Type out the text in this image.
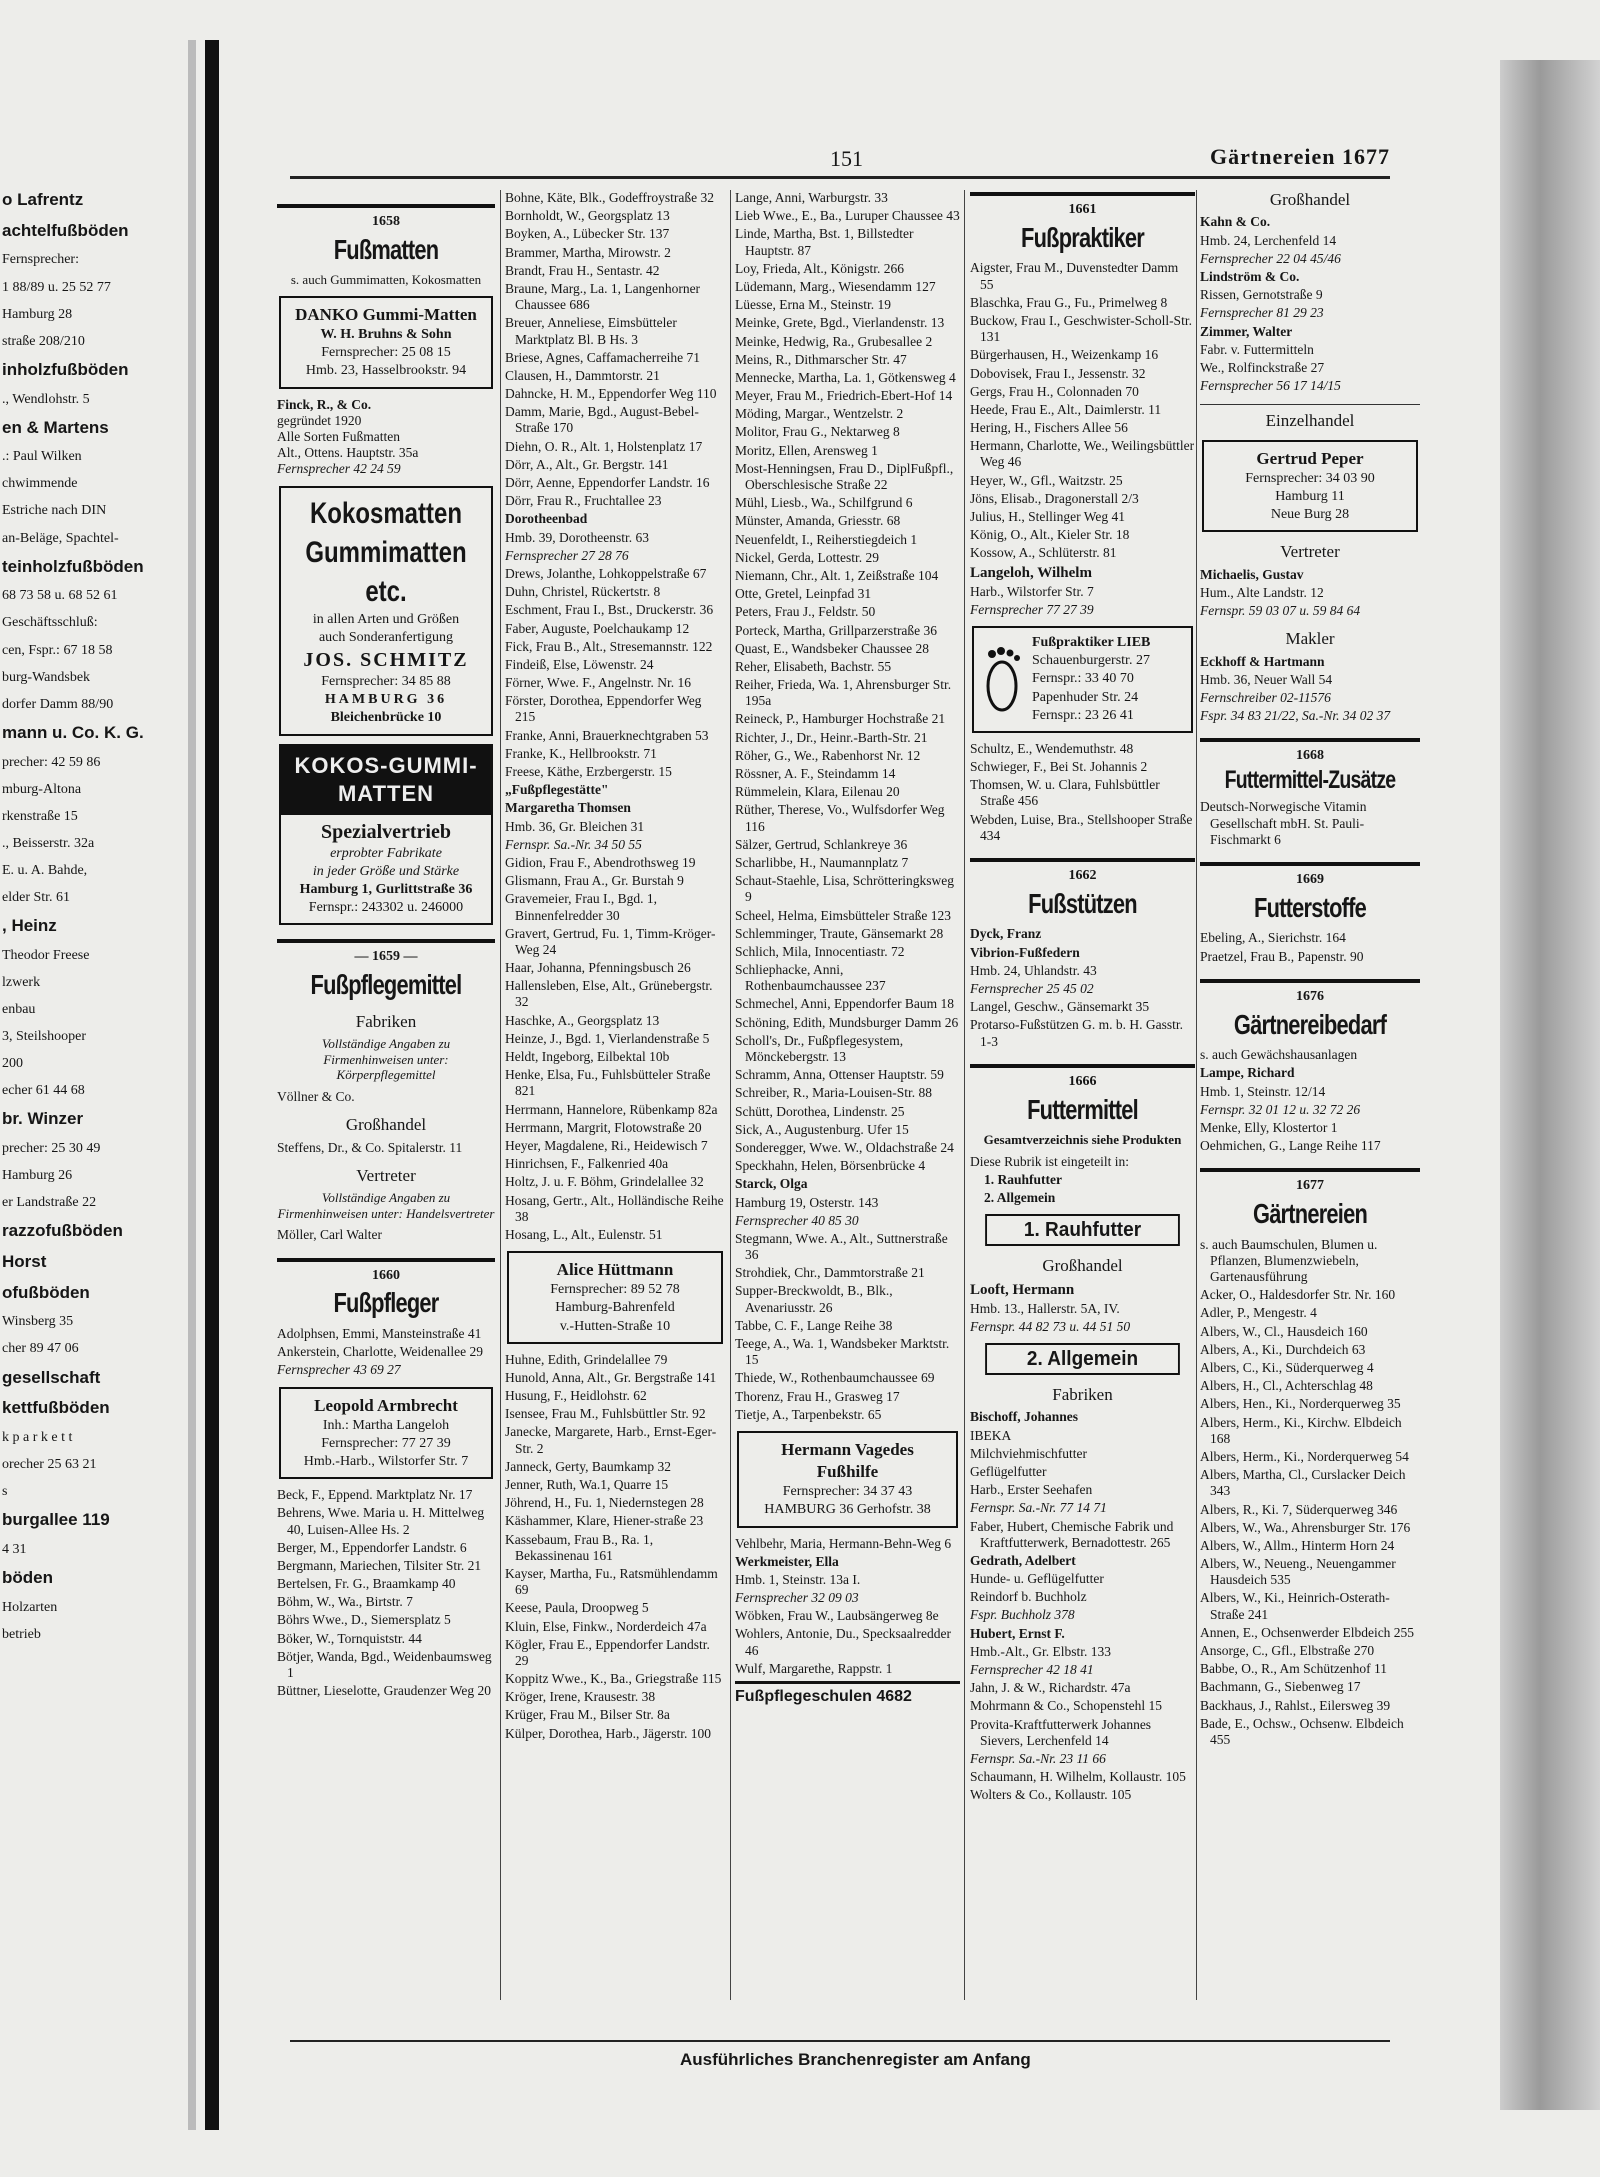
o Lafrentz
achtelfußböden
Fernsprecher:
1 88/89 u. 25 52 77
Hamburg 28
straße 208/210
inholzfußböden
., Wendlohstr. 5
en & Martens
.: Paul Wilken
chwimmende
Estriche nach DIN
an-Beläge, Spachtel-
teinholzfußböden
68 73 58 u. 68 52 61
Geschäftsschluß:
cen, Fspr.: 67 18 58
burg-Wandsbek
dorfer Damm 88/90
mann u. Co. K. G.
precher: 42 59 86
mburg-Altona
rkenstraße 15
., Beisserstr. 32a
E. u. A. Bahde,
elder Str. 61
, Heinz
Theodor Freese
lzwerk
enbau
3, Steilshooper
200
echer 61 44 68
br. Winzer
precher: 25 30 49
Hamburg 26
er Landstraße 22
razzofußböden
Horst
ofußböden
Winsberg 35
cher 89 47 06
gesellschaft
kettfußböden
k p a r k e t t
orecher 25 63 21
s
burgallee 119
4 31
böden
Holzarten
betrieb
151	Gärtnereien 1677
1658
Fußmatten
s. auch Gummimatten, Kokosmatten
DANKO Gummi-Matten
W. H. Bruhns & Sohn
Fernsprecher: 25 08 15
Hmb. 23, Hasselbrookstr. 94
Finck, R., & Co.
gegründet 1920
Alle Sorten Fußmatten
Alt., Ottens. Hauptstr. 35a
Fernsprecher 42 24 59
Kokosmatten
Gummimatten etc.
in allen Arten und Größen
auch Sonderanfertigung
JOS. SCHMITZ
Fernsprecher: 34 85 88
HAMBURG 36
Bleichenbrücke 10
KOKOS-GUMMI-MATTEN
Spezialvertrieb
erprobter Fabrikate
in jeder Größe und Stärke
Hamburg 1, Gurlittstraße 36
Fernspr.: 243302 u. 246000
— 1659 —
Fußpflegemittel
Fabriken
Vollständige Angaben zu Firmenhinweisen unter: Körperpflegemittel
Völlner & Co.
Großhandel
Steffens, Dr., & Co. Spitalerstr. 11
Vertreter
Vollständige Angaben zu Firmenhinweisen unter: Handelsvertreter
Möller, Carl Walter
1660
Fußpfleger
Adolphsen, Emmi, Mansteinstraße 41
Ankerstein, Charlotte, Weidenallee 29
Fernsprecher 43 69 27
Leopold Armbrecht
Inh.: Martha Langeloh
Fernsprecher: 77 27 39
Hmb.-Harb., Wilstorfer Str. 7
Beck, F., Eppend. Marktplatz Nr. 17
Behrens, Wwe. Maria u. H. Mittelweg 40, Luisen-Allee Hs. 2
Berger, M., Eppendorfer Landstr. 6
Bergmann, Mariechen, Tilsiter Str. 21
Bertelsen, Fr. G., Braamkamp 40
Böhm, W., Wa., Birtstr. 7
Böhrs Wwe., D., Siemersplatz 5
Böker, W., Tornquiststr. 44
Bötjer, Wanda, Bgd., Weidenbaumsweg 1
Büttner, Lieselotte, Graudenzer Weg 20
Bohne, Käte, Blk., Godeffroystraße 32
Bornholdt, W., Georgsplatz 13
Boyken, A., Lübecker Str. 137
Brammer, Martha, Mirowstr. 2
Brandt, Frau H., Sentastr. 42
Braune, Marg., La. 1, Langenhorner Chaussee 686
Breuer, Anneliese, Eimsbütteler Marktplatz Bl. B Hs. 3
Briese, Agnes, Caffamacherreihe 71
Clausen, H., Dammtorstr. 21
Dahncke, H. M., Eppendorfer Weg 110
Damm, Marie, Bgd., August-Bebel-Straße 170
Diehn, O. R., Alt. 1, Holstenplatz 17
Dörr, A., Alt., Gr. Bergstr. 141
Dörr, Aenne, Eppendorfer Landstr. 16
Dörr, Frau R., Fruchtallee 23
Dorotheenbad
Hmb. 39, Dorotheenstr. 63
Fernsprecher 27 28 76
Drews, Jolanthe, Lohkoppelstraße 67
Duhn, Christel, Rückertstr. 8
Eschment, Frau I., Bst., Druckerstr. 36
Faber, Auguste, Poelchaukamp 12
Fick, Frau B., Alt., Stresemannstr. 122
Findeiß, Else, Löwenstr. 24
Förner, Wwe. F., Angelnstr. Nr. 16
Förster, Dorothea, Eppendorfer Weg 215
Franke, Anni, Brauerknechtgraben 53
Franke, K., Hellbrookstr. 71
Freese, Käthe, Erzbergerstr. 15
„Fußpflegestätte"
Margaretha Thomsen
Hmb. 36, Gr. Bleichen 31
Fernspr. Sa.-Nr. 34 50 55
Gidion, Frau F., Abendrothsweg 19
Glismann, Frau A., Gr. Burstah 9
Gravemeier, Frau I., Bgd. 1, Binnenfelredder 30
Gravert, Gertrud, Fu. 1, Timm-Kröger-Weg 24
Haar, Johanna, Pfenningsbusch 26
Hallensleben, Else, Alt., Grünebergstr. 32
Haschke, A., Georgsplatz 13
Heinze, J., Bgd. 1, Vierlandenstraße 5
Heldt, Ingeborg, Eilbektal 10b
Henke, Elsa, Fu., Fuhlsbütteler Straße 821
Herrmann, Hannelore, Rübenkamp 82a
Herrmann, Margrit, Flotowstraße 20
Heyer, Magdalene, Ri., Heidewisch 7
Hinrichsen, F., Falkenried 40a
Holtz, J. u. F. Böhm, Grindelallee 32
Hosang, Gertr., Alt., Holländische Reihe 38
Hosang, L., Alt., Eulenstr. 51
Alice Hüttmann
Fernsprecher: 89 52 78
Hamburg-Bahrenfeld
v.-Hutten-Straße 10
Huhne, Edith, Grindelallee 79
Hunold, Anna, Alt., Gr. Bergstraße 141
Husung, F., Heidlohstr. 62
Isensee, Frau M., Fuhlsbüttler Str. 92
Janecke, Margarete, Harb., Ernst-Eger-Str. 2
Janneck, Gerty, Baumkamp 32
Jenner, Ruth, Wa.1, Quarre 15
Jöhrend, H., Fu. 1, Niedernstegen 28
Käshammer, Klare, Hiener-straße 23
Kassebaum, Frau B., Ra. 1, Bekassinenau 161
Kayser, Martha, Fu., Ratsmühlendamm 69
Keese, Paula, Droopweg 5
Kluin, Else, Finkw., Norderdeich 47a
Kögler, Frau E., Eppendorfer Landstr. 29
Koppitz Wwe., K., Ba., Griegstraße 115
Kröger, Irene, Krausestr. 38
Krüger, Frau M., Bilser Str. 8a
Külper, Dorothea, Harb., Jägerstr. 100
Lange, Anni, Warburgstr. 33
Lieb Wwe., E., Ba., Luruper Chaussee 43
Linde, Martha, Bst. 1, Billstedter Hauptstr. 87
Loy, Frieda, Alt., Königstr. 266
Lüdemann, Marg., Wiesendamm 127
Lüesse, Erna M., Steinstr. 19
Meinke, Grete, Bgd., Vierlandenstr. 13
Meinke, Hedwig, Ra., Grubesallee 2
Meins, R., Dithmarscher Str. 47
Mennecke, Martha, La. 1, Götkensweg 4
Meyer, Frau M., Friedrich-Ebert-Hof 14
Möding, Margar., Wentzelstr. 2
Molitor, Frau G., Nektarweg 8
Moritz, Ellen, Arensweg 1
Most-Henningsen, Frau D., DiplFußpfl., Oberschlesische Straße 22
Mühl, Liesb., Wa., Schilfgrund 6
Münster, Amanda, Griesstr. 68
Neuenfeldt, I., Reiherstiegdeich 1
Nickel, Gerda, Lottestr. 29
Niemann, Chr., Alt. 1, Zeißstraße 104
Otte, Gretel, Leinpfad 31
Peters, Frau J., Feldstr. 50
Porteck, Martha, Grillparzerstraße 36
Quast, E., Wandsbeker Chaussee 28
Reher, Elisabeth, Bachstr. 55
Reiher, Frieda, Wa. 1, Ahrensburger Str. 195a
Reineck, P., Hamburger Hochstraße 21
Richter, J., Dr., Heinr.-Barth-Str. 21
Röher, G., We., Rabenhorst Nr. 12
Rössner, A. F., Steindamm 14
Rümmelein, Klara, Eilenau 20
Rüther, Therese, Vo., Wulfsdorfer Weg 116
Sälzer, Gertrud, Schlankreye 36
Scharlibbe, H., Naumannplatz 7
Schaut-Staehle, Lisa, Schrötteringksweg 9
Scheel, Helma, Eimsbütteler Straße 123
Schlemminger, Traute, Gänsemarkt 28
Schlich, Mila, Innocentiastr. 72
Schliephacke, Anni, Rothenbaumchaussee 237
Schmechel, Anni, Eppendorfer Baum 18
Schöning, Edith, Mundsburger Damm 26
Scholl's, Dr., Fußpflegesystem, Mönckebergstr. 13
Schramm, Anna, Ottenser Hauptstr. 59
Schreiber, R., Maria-Louisen-Str. 88
Schütt, Dorothea, Lindenstr. 25
Sick, A., Augustenburg. Ufer 15
Sonderegger, Wwe. W., Oldachstraße 24
Speckhahn, Helen, Börsenbrücke 4
Starck, Olga
Hamburg 19, Osterstr. 143
Fernsprecher 40 85 30
Stegmann, Wwe. A., Alt., Suttnerstraße 36
Strohdiek, Chr., Dammtorstraße 21
Supper-Breckwoldt, B., Blk., Avenariusstr. 26
Tabbe, C. F., Lange Reihe 38
Teege, A., Wa. 1, Wandsbeker Marktstr. 15
Thiede, W., Rothenbaumchaussee 69
Thorenz, Frau H., Grasweg 17
Tietje, A., Tarpenbekstr. 65
Hermann Vagedes
Fußhilfe
Fernsprecher: 34 37 43
HAMBURG 36 Gerhofstr. 38
Vehlbehr, Maria, Hermann-Behn-Weg 6
Werkmeister, Ella
Hmb. 1, Steinstr. 13a I.
Fernsprecher 32 09 03
Wöbken, Frau W., Laubsängerweg 8e
Wohlers, Antonie, Du., Specksaalredder 46
Wulf, Margarethe, Rappstr. 1
Fußpflegeschulen 4682
1661
Fußpraktiker
Aigster, Frau M., Duvenstedter Damm 55
Blaschka, Frau G., Fu., Primelweg 8
Buckow, Frau I., Geschwister-Scholl-Str. 131
Bürgerhausen, H., Weizenkamp 16
Dobovisek, Frau I., Jessenstr. 32
Gergs, Frau H., Colonnaden 70
Heede, Frau E., Alt., Daimlerstr. 11
Hering, H., Fischers Allee 56
Hermann, Charlotte, We., Weilingsbüttler Weg 46
Heyer, W., Gfl., Waitzstr. 25
Jöns, Elisab., Dragonerstall 2/3
Julius, H., Stellinger Weg 41
König, O., Alt., Kieler Str. 18
Kossow, A., Schlüterstr. 81
Langeloh, Wilhelm
Harb., Wilstorfer Str. 7
Fernsprecher 77 27 39
Fußpraktiker LIEB
Schauenburgerstr. 27
Fernspr.: 33 40 70
Papenhuder Str. 24
Fernspr.: 23 26 41
Schultz, E., Wendemuthstr. 48
Schwieger, F., Bei St. Johannis 2
Thomsen, W. u. Clara, Fuhlsbüttler Straße 456
Webden, Luise, Bra., Stellshooper Straße 434
1662
Fußstützen
Dyck, Franz
Vibrion-Fußfedern
Hmb. 24, Uhlandstr. 43
Fernsprecher 25 45 02
Langel, Geschw., Gänsemarkt 35
Protarso-Fußstützen G. m. b. H. Gasstr. 1-3
1666
Futtermittel
Gesamtverzeichnis siehe Produkten
Diese Rubrik ist eingeteilt in:
1. Rauhfutter
2. Allgemein
1. Rauhfutter
Großhandel
Looft, Hermann
Hmb. 13., Hallerstr. 5A, IV.
Fernspr. 44 82 73 u. 44 51 50
2. Allgemein
Fabriken
Bischoff, Johannes
IBEKA
Milchviehmischfutter
Geflügelfutter
Harb., Erster Seehafen
Fernspr. Sa.-Nr. 77 14 71
Faber, Hubert, Chemische Fabrik und Kraftfutterwerk, Bernadottestr. 265
Gedrath, Adelbert
Hunde- u. Geflügelfutter
Reindorf b. Buchholz
Fspr. Buchholz 378
Hubert, Ernst F.
Hmb.-Alt., Gr. Elbstr. 133
Fernsprecher 42 18 41
Jahn, J. & W., Richardstr. 47a
Mohrmann & Co., Schopenstehl 15
Provita-Kraftfutterwerk Johannes Sievers, Lerchenfeld 14
Fernspr. Sa.-Nr. 23 11 66
Schaumann, H. Wilhelm, Kollaustr. 105
Wolters & Co., Kollaustr. 105
Großhandel
Kahn & Co.
Hmb. 24, Lerchenfeld 14
Fernsprecher 22 04 45/46
Lindström & Co.
Rissen, Gernotstraße 9
Fernsprecher 81 29 23
Zimmer, Walter
Fabr. v. Futtermitteln
We., Rolfinckstraße 27
Fernsprecher 56 17 14/15
Einzelhandel
Gertrud Peper
Fernsprecher: 34 03 90
Hamburg 11
Neue Burg 28
Vertreter
Michaelis, Gustav
Hum., Alte Landstr. 12
Fernspr. 59 03 07 u. 59 84 64
Makler
Eckhoff & Hartmann
Hmb. 36, Neuer Wall 54
Fernschreiber 02-11576
Fspr. 34 83 21/22, Sa.-Nr. 34 02 37
1668
Futtermittel-Zusätze
Deutsch-Norwegische Vitamin Gesellschaft mbH. St. Pauli-Fischmarkt 6
1669
Futterstoffe
Ebeling, A., Sierichstr. 164
Praetzel, Frau B., Papenstr. 90
1676
Gärtnereibedarf
s. auch Gewächshausanlagen
Lampe, Richard
Hmb. 1, Steinstr. 12/14
Fernspr. 32 01 12 u. 32 72 26
Menke, Elly, Klostertor 1
Oehmichen, G., Lange Reihe 117
1677
Gärtnereien
s. auch Baumschulen, Blumen u. Pflanzen, Blumenzwiebeln, Gartenausführung
Acker, O., Haldesdorfer Str. Nr. 160
Adler, P., Mengestr. 4
Albers, W., Cl., Hausdeich 160
Albers, A., Ki., Durchdeich 63
Albers, C., Ki., Süderquerweg 4
Albers, H., Cl., Achterschlag 48
Albers, Hen., Ki., Norderquerweg 35
Albers, Herm., Ki., Kirchw. Elbdeich 168
Albers, Herm., Ki., Norderquerweg 54
Albers, Martha, Cl., Curslacker Deich 343
Albers, R., Ki. 7, Süderquerweg 346
Albers, W., Wa., Ahrensburger Str. 176
Albers, W., Allm., Hinterm Horn 24
Albers, W., Neueng., Neuengammer Hausdeich 535
Albers, W., Ki., Heinrich-Osterath-Straße 241
Annen, E., Ochsenwerder Elbdeich 255
Ansorge, C., Gfl., Elbstraße 270
Babbe, O., R., Am Schützenhof 11
Bachmann, G., Siebenweg 17
Backhaus, J., Rahlst., Eilersweg 39
Bade, E., Ochsw., Ochsenw. Elbdeich 455
Ausführliches Branchenregister am Anfang
